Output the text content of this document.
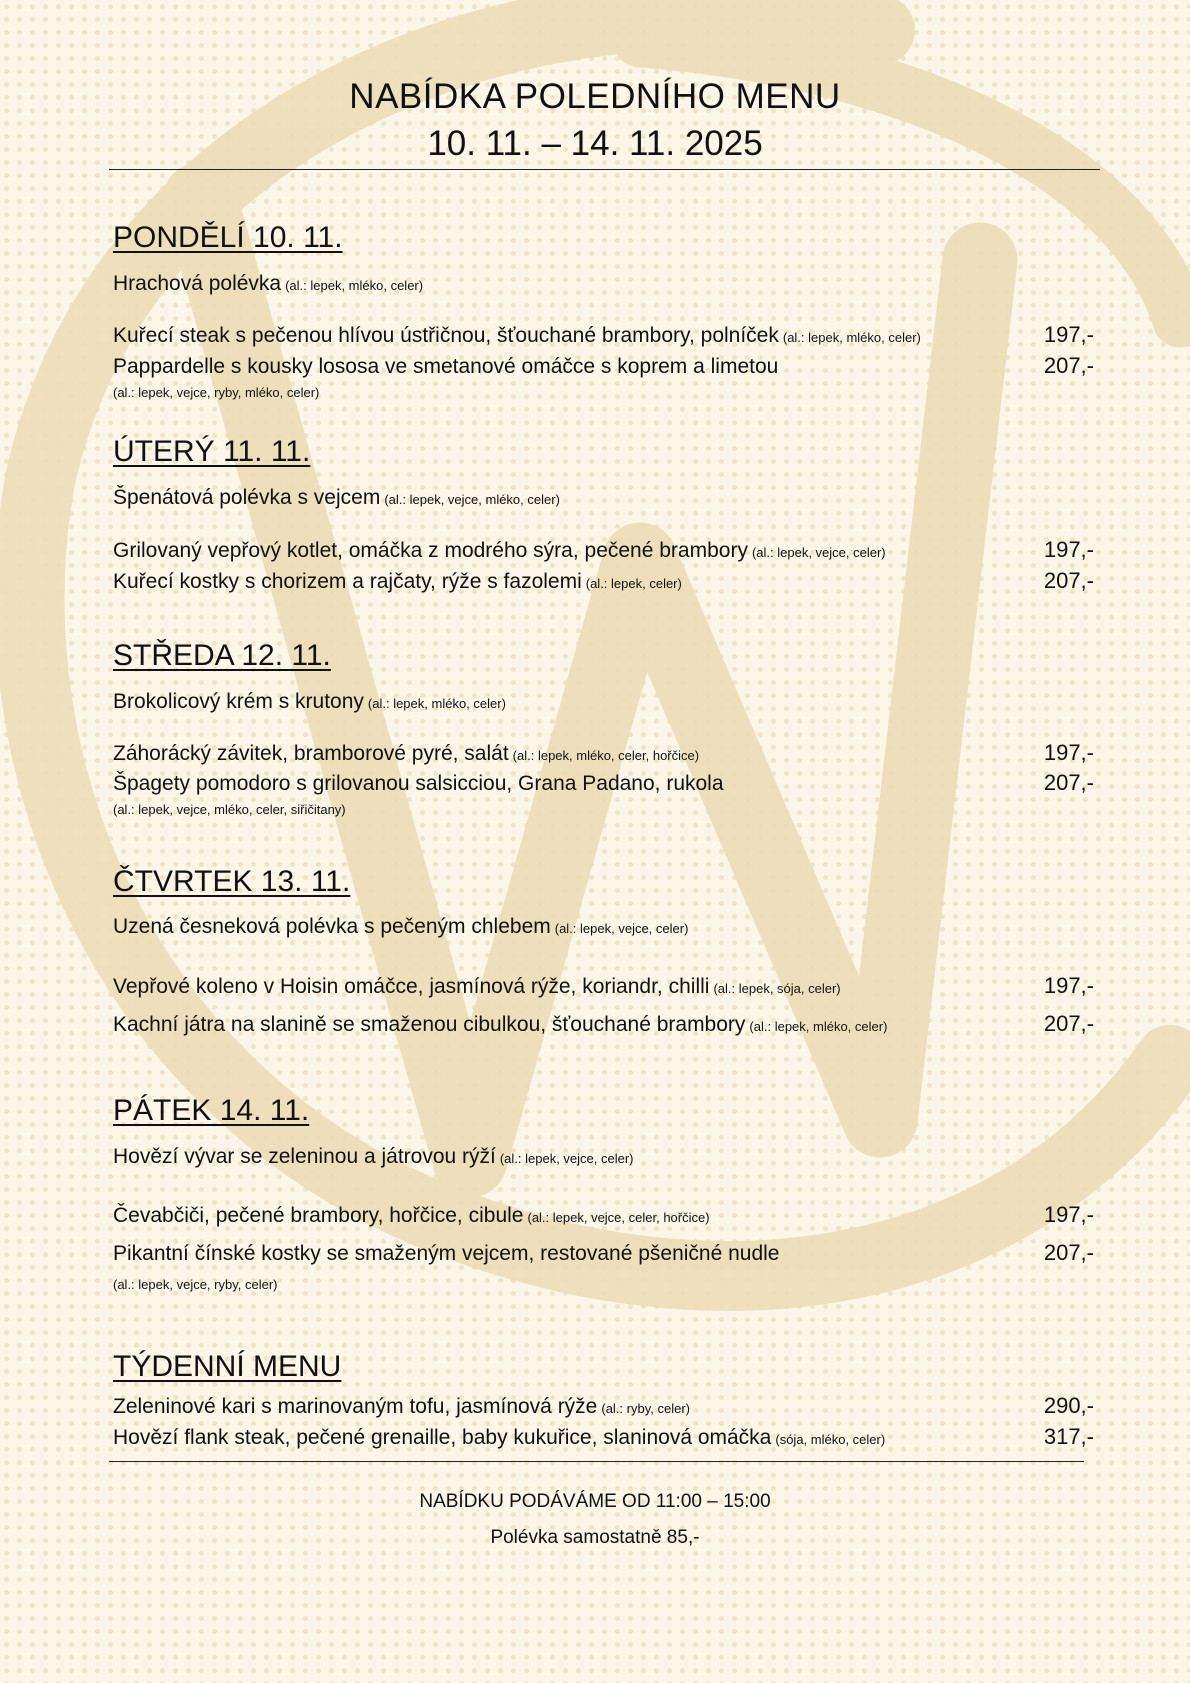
NABÍDKA POLEDNÍHO MENU
10. 11. – 14. 11. 2025
PONDĚLÍ 10. 11.
Hrachová polévka (al.: lepek, mléko, celer)
Kuřecí steak s pečenou hlívou ústřičnou, šťouchané brambory, polníček (al.: lepek, mléko, celer)	197,-
Pappardelle s kousky lososa ve smetanové omáčce s koprem a limetou	207,-
(al.: lepek, vejce, ryby, mléko, celer)
ÚTERÝ 11. 11.
Špenátová polévka s vejcem (al.: lepek, vejce, mléko, celer)
Grilovaný vepřový kotlet, omáčka z modrého sýra, pečené brambory (al.: lepek, vejce, celer)	197,-
Kuřecí kostky s chorizem a rajčaty, rýže s fazolemi (al.: lepek, celer)	207,-
STŘEDA 12. 11.
Brokolicový krém s krutony (al.: lepek, mléko, celer)
Záhorácký závitek, bramborové pyré, salát (al.: lepek, mléko, celer, hořčice)	197,-
Špagety pomodoro s grilovanou salsicciou, Grana Padano, rukola	207,-
(al.: lepek, vejce, mléko, celer, siřičitany)
ČTVRTEK 13. 11.
Uzená česneková polévka s pečeným chlebem (al.: lepek, vejce, celer)
Vepřové koleno v Hoisin omáčce, jasmínová rýže, koriandr, chilli (al.: lepek, sója, celer)	197,-
Kachní játra na slanině se smaženou cibulkou, šťouchané brambory (al.: lepek, mléko, celer)	207,-
PÁTEK 14. 11.
Hovězí vývar se zeleninou a játrovou rýží (al.: lepek, vejce, celer)
Čevabčiči, pečené brambory, hořčice, cibule (al.: lepek, vejce, celer, hořčice)	197,-
Pikantní čínské kostky se smaženým vejcem, restované pšeničné nudle	207,-
(al.: lepek, vejce, ryby, celer)
TÝDENNÍ MENU
Zeleninové kari s marinovaným tofu, jasmínová rýže (al.: ryby, celer)	290,-
Hovězí flank steak, pečené grenaille, baby kukuřice, slaninová omáčka (sója, mléko, celer)	317,-
NABÍDKU PODÁVÁME OD 11:00 – 15:00
Polévka samostatně 85,-
